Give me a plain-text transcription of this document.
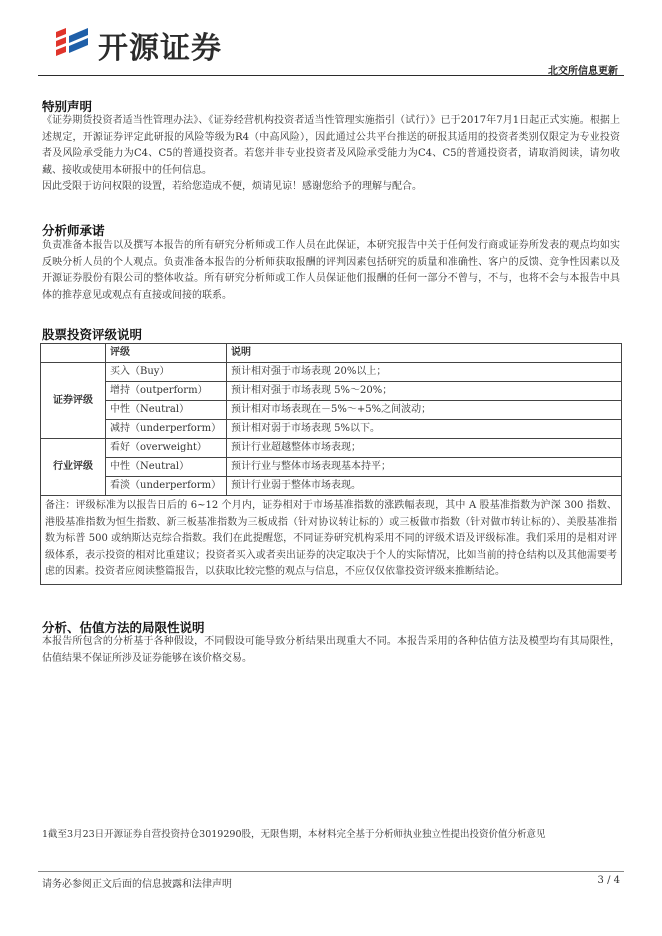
开源证券
北交所信息更新
特别声明

《证券期货投资者适当性管理办法》、《证券经营机构投资者适当性管理实施指引（试行）》已于2017年7月1日起正式实施。根据上述规定，开源证券评定此研报的风险等级为R4（中高风险），因此通过公共平台推送的研报其适用的投资者类别仅限定为专业投资者及风险承受能力为C4、C5的普通投资者。若您并非专业投资者及风险承受能力为C4、C5的普通投资者，请取消阅读，请勿收藏、接收或使用本研报中的任何信息。

因此受限于访问权限的设置，若给您造成不便，烦请见谅！感谢您给予的理解与配合。

分析师承诺
负责准备本报告以及撰写本报告的所有研究分析师或工作人员在此保证，本研究报告中关于任何发行商或证券所发表的观点均如实反映分析人员的个人观点。负责准备本报告的分析师获取报酬的评判因素包括研究的质量和准确性、客户的反馈、竞争性因素以及开源证券股份有限公司的整体收益。所有研究分析师或工作人员保证他们报酬的任何一部分不曾与，不与，也将不会与本报告中具体的推荐意见或观点有直接或间接的联系。
股票投资评级说明
	评级	说明
证券评级	买入（Buy）	预计相对强于市场表现 20%以上；
	增持（outperform）	预计相对强于市场表现 5%～20%；
	中性（Neutral）	预计相对市场表现在－5%～+5%之间波动；
	减持（underperform）	预计相对弱于市场表现 5%以下。
行业评级	看好（overweight）	预计行业超越整体市场表现；
	中性（Neutral）	预计行业与整体市场表现基本持平；
	看淡（underperform）	预计行业弱于整体市场表现。
备注：评级标准为以报告日后的 6~12 个月内，证券相对于市场基准指数的涨跌幅表现，其中 A 股基准指数为沪深 300 指数、港股基准指数为恒生指数、新三板基准指数为三板成指（针对协议转让标的）或三板做市指数（针对做市转让标的）、美股基准指数为标普 500 或纳斯达克综合指数。我们在此提醒您，不同证券研究机构采用不同的评级术语及评级标准。我们采用的是相对评级体系，表示投资的相对比重建议；投资者买入或者卖出证券的决定取决于个人的实际情况，比如当前的持仓结构以及其他需要考虑的因素。投资者应阅读整篇报告，以获取比较完整的观点与信息，不应仅仅依靠投资评级来推断结论。		
分析、估值方法的局限性说明
本报告所包含的分析基于各种假设，不同假设可能导致分析结果出现重大不同。本报告采用的各种估值方法及模型均有其局限性，估值结果不保证所涉及证券能够在该价格交易。
1截至3月23日开源证券自营投资持仓3019290股，无限售期，本材料完全基于分析师执业独立性提出投资价值分析意见
请务必参阅正文后面的信息披露和法律声明	3 / 4
